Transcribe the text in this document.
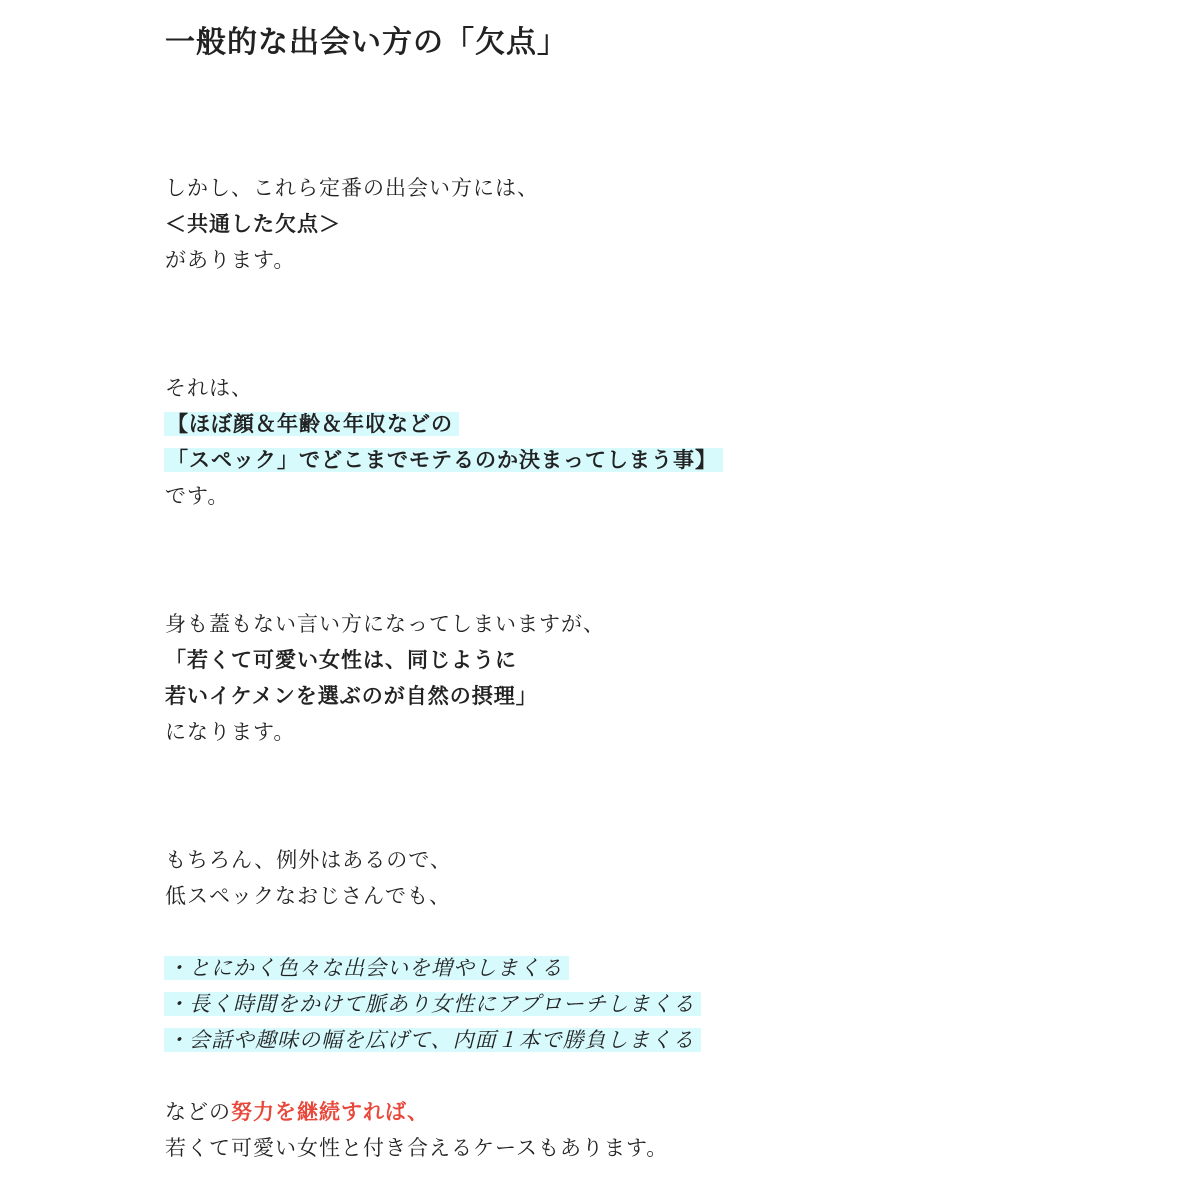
一般的な出会い方の「欠点」
しかし、これら定番の出会い方には、
＜共通した欠点＞
があります。
それは、
【ほぼ顔＆年齢＆年収などの
「スペック」でどこまでモテるのか決まってしまう事】
です。
身も蓋もない言い方になってしまいますが、
「若くて可愛い女性は、同じように
若いイケメンを選ぶのが自然の摂理」
になります。
もちろん、例外はあるので、
低スペックなおじさんでも、
・とにかく色々な出会いを増やしまくる
・長く時間をかけて脈あり女性にアプローチしまくる
・会話や趣味の幅を広げて、内面１本で勝負しまくる
などの努力を継続すれば、
若くて可愛い女性と付き合えるケースもあります。
